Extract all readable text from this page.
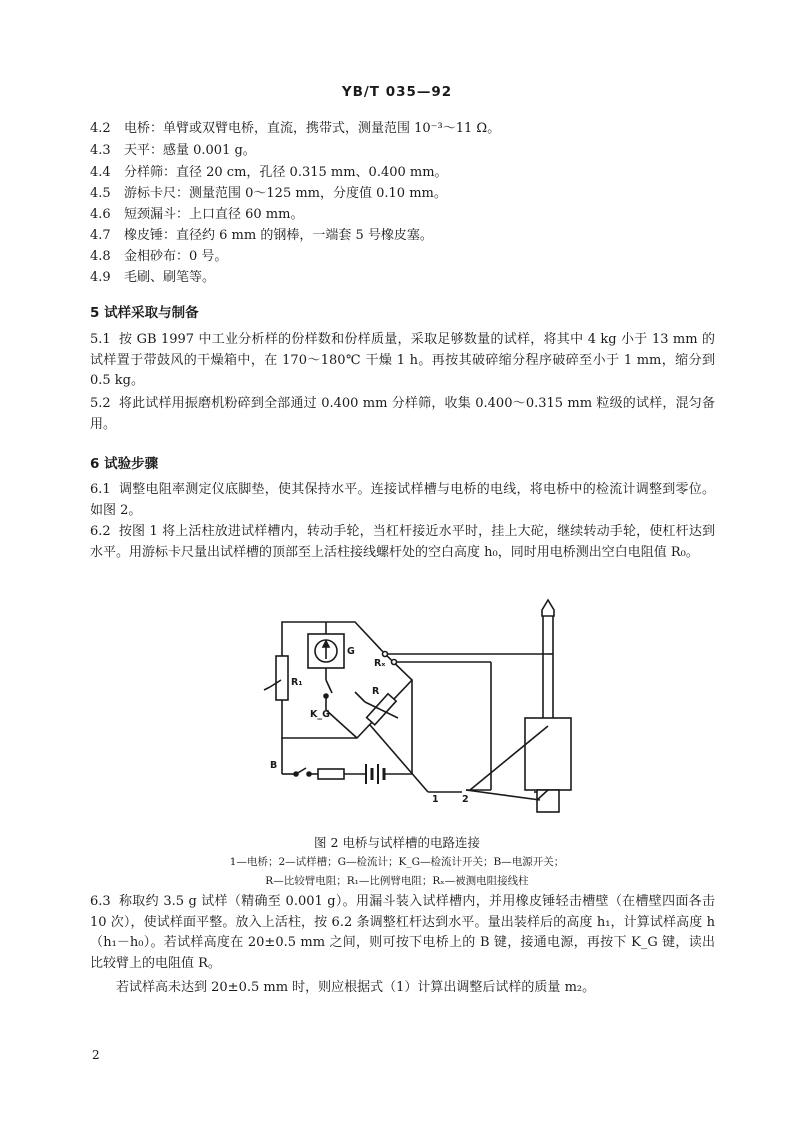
YB/T 035—92
4.2 电桥：单臂或双臂电桥，直流，携带式，测量范围 10⁻³～11 Ω。
4.3 天平：感量 0.001 g。
4.4 分样筛：直径 20 cm，孔径 0.315 mm、0.400 mm。
4.5 游标卡尺：测量范围 0～125 mm，分度值 0.10 mm。
4.6 短颈漏斗：上口直径 60 mm。
4.7 橡皮锤：直径约 6 mm 的钢棒，一端套 5 号橡皮塞。
4.8 金相砂布：0 号。
4.9 毛刷、刷笔等。
5 试样采取与制备
5.1 按 GB 1997 中工业分析样的份样数和份样质量，采取足够数量的试样，将其中 4 kg 小于 13 mm 的试样置于带鼓风的干燥箱中，在 170～180℃ 干燥 1 h。再按其破碎缩分程序破碎至小于 1 mm，缩分到 0.5 kg。
5.2 将此试样用振磨机粉碎到全部通过 0.400 mm 分样筛，收集 0.400～0.315 mm 粒级的试样，混匀备用。
6 试验步骤
6.1 调整电阻率测定仪底脚垫，使其保持水平。连接试样槽与电桥的电线，将电桥中的检流计调整到零位。如图 2。
6.2 按图 1 将上活柱放进试样槽内，转动手轮，当杠杆接近水平时，挂上大砣，继续转动手轮，使杠杆达到水平。用游标卡尺量出试样槽的顶部至上活柱接线螺杆处的空白高度 h₀，同时用电桥测出空白电阻值 R₀。
G
Rₓ
R₁
R
K_G
B
1 2
图 2 电桥与试样槽的电路连接
1—电桥；2—试样槽；G—检流计；K_G—检流计开关；B—电源开关；
R—比较臂电阻；R₁—比例臂电阻；Rₓ—被测电阻接线柱
6.3 称取约 3.5 g 试样（精确至 0.001 g）。用漏斗装入试样槽内，并用橡皮锤轻击槽壁（在槽壁四面各击 10 次），使试样面平整。放入上活柱，按 6.2 条调整杠杆达到水平。量出装样后的高度 h₁，计算试样高度 h（h₁－h₀）。若试样高度在 20±0.5 mm 之间，则可按下电桥上的 B 键，接通电源，再按下 K_G 键，读出比较臂上的电阻值 R。
若试样高未达到 20±0.5 mm 时，则应根据式（1）计算出调整后试样的质量 m₂。
2
